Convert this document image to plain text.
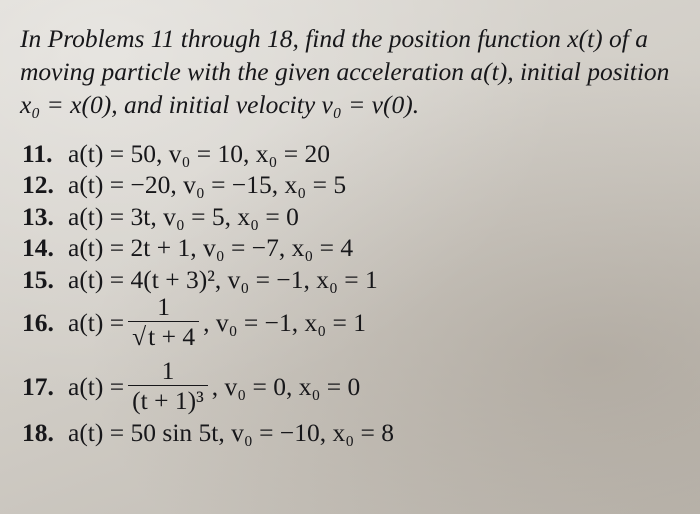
In Problems 11 through 18, find the position function x(t) of a moving particle with the given acceleration a(t), initial position x₀ = x(0), and initial velocity v₀ = v(0).
11. a(t) = 50, v₀ = 10, x₀ = 20
12. a(t) = −20, v₀ = −15, x₀ = 5
13. a(t) = 3t, v₀ = 5, x₀ = 0
14. a(t) = 2t + 1, v₀ = −7, x₀ = 4
15. a(t) = 4(t + 3)², v₀ = −1, x₀ = 1
16. $a(t) = \frac{1}{√t + 4}$ , v₀ = −1, x₀ = 1
17. $a(t) = \frac{1}{\text{(t + 1)³}}$ , v₀ = 0, x₀ = 0
18. a(t) = 50 sin 5t, v₀ = −10, x₀ = 8
